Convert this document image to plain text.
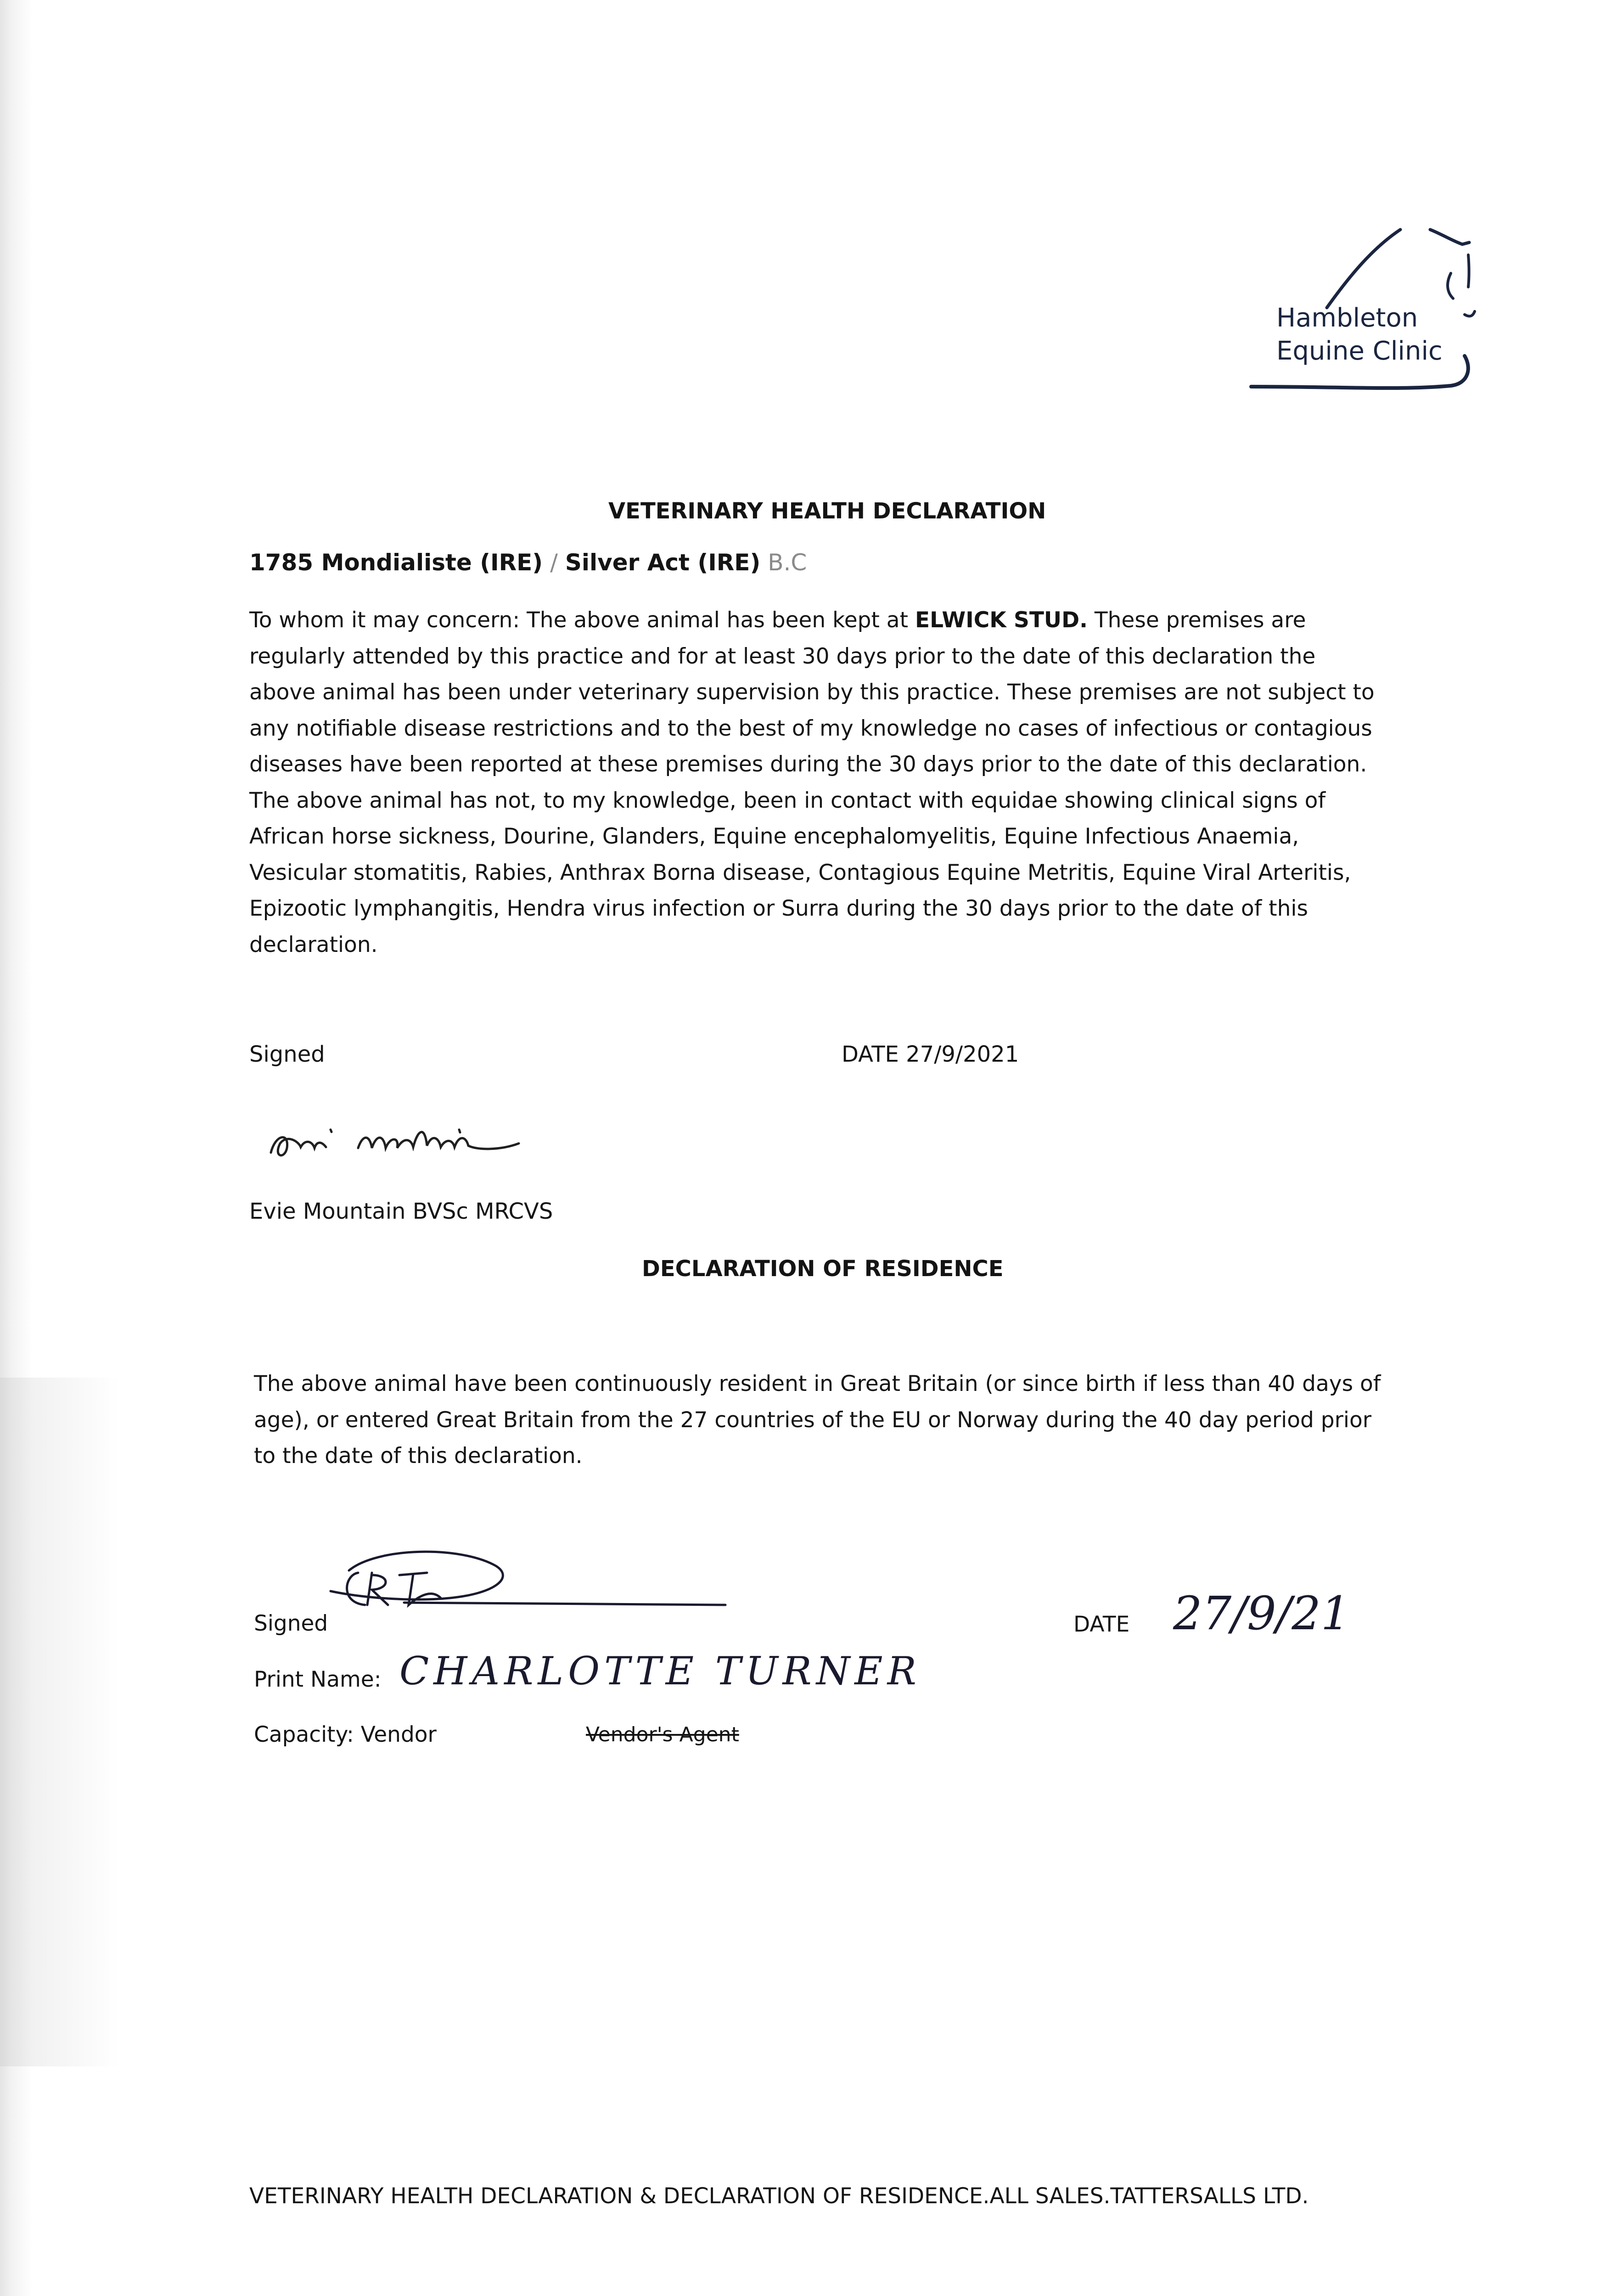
Hambleton
Equine Clinic
VETERINARY HEALTH DECLARATION
1785 Mondialiste (IRE) / Silver Act (IRE) B.C
To whom it may concern: The above animal has been kept at ELWICK STUD. These premises are regularly attended by this practice and for at least 30 days prior to the date of this declaration the above animal has been under veterinary supervision by this practice. These premises are not subject to any notifiable disease restrictions and to the best of my knowledge no cases of infectious or contagious diseases have been reported at these premises during the 30 days prior to the date of this declaration. The above animal has not, to my knowledge, been in contact with equidae showing clinical signs of African horse sickness, Dourine, Glanders, Equine encephalomyelitis, Equine Infectious Anaemia, Vesicular stomatitis, Rabies, Anthrax Borna disease, Contagious Equine Metritis, Equine Viral Arteritis, Epizootic lymphangitis, Hendra virus infection or Surra during the 30 days prior to the date of this declaration.
Signed	DATE 27/9/2021
Evie Mountain BVSc MRCVS
DECLARATION OF RESIDENCE
The above animal have been continuously resident in Great Britain (or since birth if less than 40 days of age), or entered Great Britain from the 27 countries of the EU or Norway during the 40 day period prior to the date of this declaration.
Signed	DATE 27/9/21
Print Name: CHARLOTTE TURNER
Capacity: Vendor	Vendor's Agent
VETERINARY HEALTH DECLARATION & DECLARATION OF RESIDENCE.ALL SALES.TATTERSALLS LTD.
